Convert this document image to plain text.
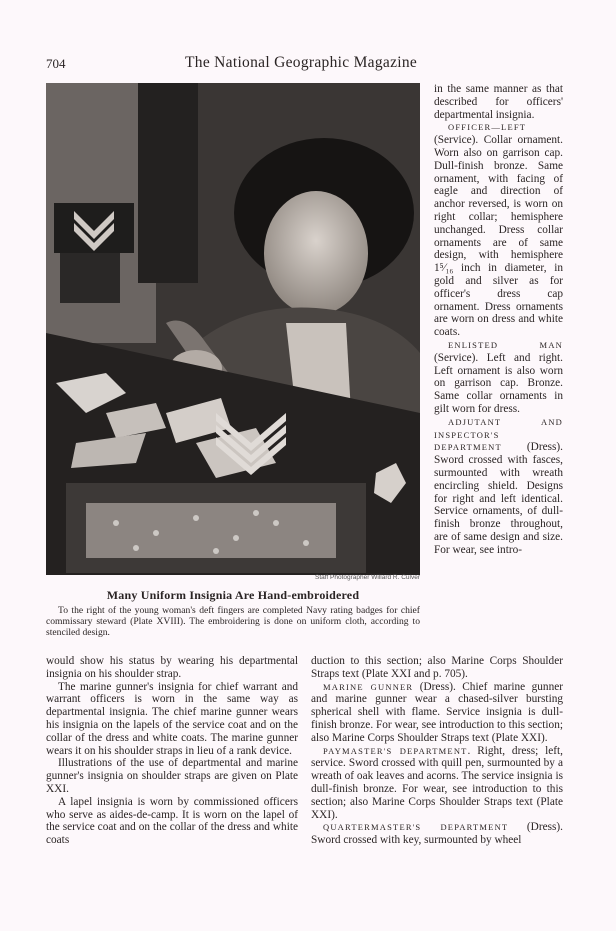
704	The National Geographic Magazine
Staff Photographer Willard R. Culver
Many Uniform Insignia Are Hand-embroidered
To the right of the young woman's deft fingers are completed Navy rating badges for chief commissary steward (Plate XVIII). The embroidering is done on uniform cloth, according to stenciled design.

in the same manner as that described for officers' departmental insignia.

OFFICER—LEFT (Service). Collar ornament. Worn also on garrison cap. Dull-finish bronze. Same ornament, with facing of eagle and direction of anchor reversed, is worn on right collar; hemisphere unchanged. Dress collar ornaments are of same design, with hemisphere 1⁵⁄₁₆ inch in diameter, in gold and silver as for officer's dress cap ornament. Dress ornaments are worn on dress and white coats.

ENLISTED MAN (Service). Left and right. Left ornament is also worn on garrison cap. Bronze. Same collar ornaments in gilt worn for dress.

ADJUTANT AND INSPECTOR'S DEPARTMENT (Dress). Sword crossed with fasces, surmounted with wreath encircling shield. Designs for right and left identical. Service ornaments, of dull-finish bronze throughout, are of same design and size. For wear, see intro-

would show his status by wearing his departmental insignia on his shoulder strap.

The marine gunner's insignia for chief warrant and warrant officers is worn in the same way as departmental insignia. The chief marine gunner wears his insignia on the lapels of the service coat and on the collar of the dress and white coats. The marine gunner wears it on his shoulder straps in lieu of a rank device.

Illustrations of the use of departmental and marine gunner's insignia on shoulder straps are given on Plate XXI.

A lapel insignia is worn by commissioned officers who serve as aides-de-camp. It is worn on the lapel of the service coat and on the collar of the dress and white coats

duction to this section; also Marine Corps Shoulder Straps text (Plate XXI and p. 705).

MARINE GUNNER (Dress). Chief marine gunner and marine gunner wear a chased-silver bursting spherical shell with flame. Service insignia is dull-finish bronze. For wear, see introduction to this section; also Marine Corps Shoulder Straps text (Plate XXI).

PAYMASTER'S DEPARTMENT. Right, dress; left, service. Sword crossed with quill pen, surmounted by a wreath of oak leaves and acorns. The service insignia is dull-finish bronze. For wear, see introduction to this section; also Marine Corps Shoulder Straps text (Plate XXI).

QUARTERMASTER'S DEPARTMENT (Dress). Sword crossed with key, surmounted by wheel
